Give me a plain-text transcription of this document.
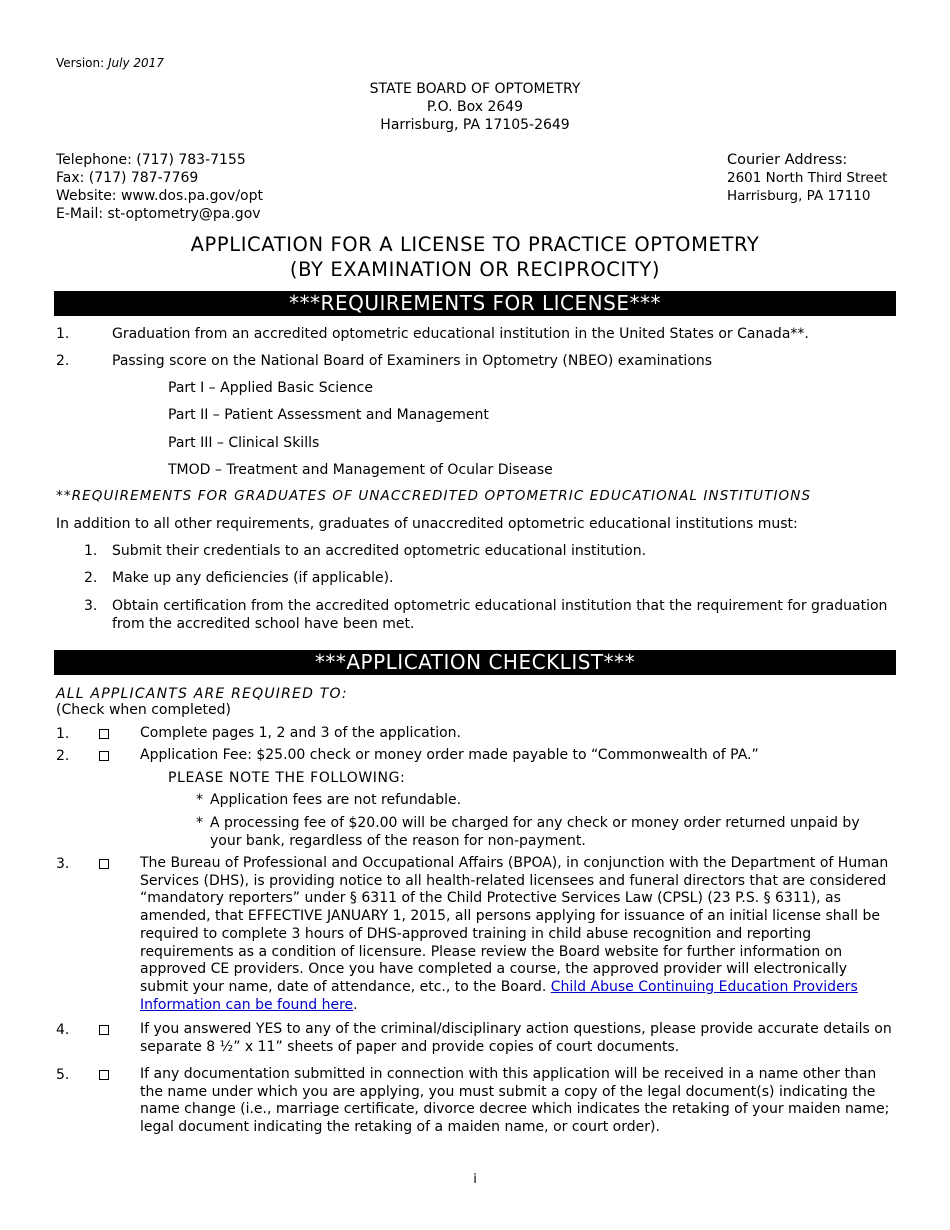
Version: July 2017
STATE BOARD OF OPTOMETRY
P.O. Box 2649
Harrisburg, PA 17105-2649
Telephone: (717) 783-7155
Fax: (717) 787-7769
Website: www.dos.pa.gov/opt
E-Mail: st-optometry@pa.gov
Courier Address:
2601 North Third Street
Harrisburg, PA 17110
APPLICATION FOR A LICENSE TO PRACTICE OPTOMETRY
(BY EXAMINATION OR RECIPROCITY)
***REQUIREMENTS FOR LICENSE***
1.	Graduation from an accredited optometric educational institution in the United States or Canada**.
2.	Passing score on the National Board of Examiners in Optometry (NBEO) examinations
Part I – Applied Basic Science
Part II – Patient Assessment and Management
Part III – Clinical Skills
TMOD – Treatment and Management of Ocular Disease
**REQUIREMENTS FOR GRADUATES OF UNACCREDITED OPTOMETRIC EDUCATIONAL INSTITUTIONS
In addition to all other requirements, graduates of unaccredited optometric educational institutions must:
1. Submit their credentials to an accredited optometric educational institution.
2. Make up any deficiencies (if applicable).
3. Obtain certification from the accredited optometric educational institution that the requirement for graduation from the accredited school have been met.
***APPLICATION CHECKLIST***
ALL APPLICANTS ARE REQUIRED TO:
(Check when completed)
1.	Complete pages 1, 2 and 3 of the application.
2.	Application Fee: $25.00 check or money order made payable to “Commonwealth of PA.”
PLEASE NOTE THE FOLLOWING:
* Application fees are not refundable.
* A processing fee of $20.00 will be charged for any check or money order returned unpaid by your bank, regardless of the reason for non-payment.
3.	The Bureau of Professional and Occupational Affairs (BPOA), in conjunction with the Department of Human Services (DHS), is providing notice to all health-related licensees and funeral directors that are considered “mandatory reporters” under § 6311 of the Child Protective Services Law (CPSL) (23 P.S. § 6311), as amended, that EFFECTIVE JANUARY 1, 2015, all persons applying for issuance of an initial license shall be required to complete 3 hours of DHS-approved training in child abuse recognition and reporting requirements as a condition of licensure. Please review the Board website for further information on approved CE providers. Once you have completed a course, the approved provider will electronically submit your name, date of attendance, etc., to the Board. Child Abuse Continuing Education Providers Information can be found here.
4.	If you answered YES to any of the criminal/disciplinary action questions, please provide accurate details on separate 8 ½” x 11” sheets of paper and provide copies of court documents.
5.	If any documentation submitted in connection with this application will be received in a name other than the name under which you are applying, you must submit a copy of the legal document(s) indicating the name change (i.e., marriage certificate, divorce decree which indicates the retaking of your maiden name; legal document indicating the retaking of a maiden name, or court order).
i
